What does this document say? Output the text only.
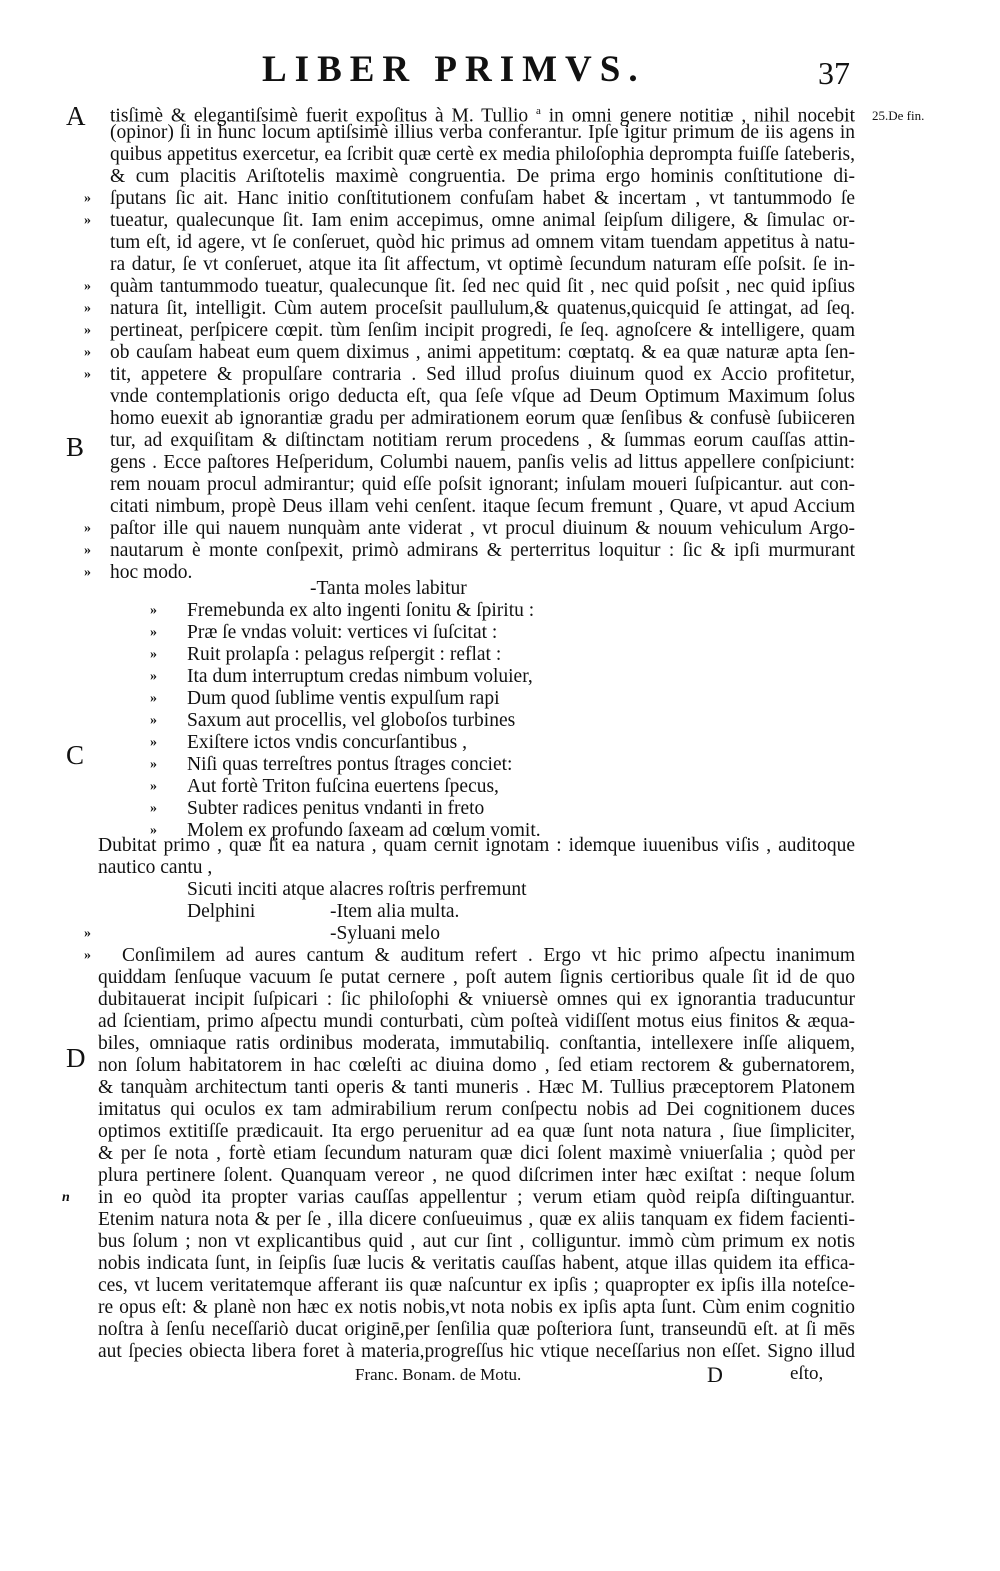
LIBER PRIMVS.	37
25.De fin.
A
B
C
D
tisſimè & elegantiſsimè fuerit expoſitus à M. Tullio $^a$ in omni genere notitiæ , nihil nocebit
(opinor) ſi in hunc locum aptiſsimè illius verba conferantur. Ipſe igitur primum de iis agens in
quibus appetitus exercetur, ea ſcribit quæ certè ex media philoſophia deprompta fuiſſe ſateberis,
& cum placitis Ariſtotelis maximè congruentia. De prima ergo hominis conſtitutione di-
ſputans ſic ait. Hanc initio conſtitutionem confuſam habet & incertam , vt tantummodo ſe
tueatur, qualecunque ſit. Iam enim accepimus, omne animal ſeipſum diligere, & ſimulac or-
tum eſt, id agere, vt ſe conſeruet, quòd hic primus ad omnem vitam tuendam appetitus à natu-
ra datur, ſe vt conſeruet, atque ita ſit affectum, vt optimè ſecundum naturam eſſe poſsit. ſe in-
quàm tantummodo tueatur, qualecunque ſit. ſed nec quid ſit , nec quid poſsit , nec quid ipſius
natura ſit, intelligit. Cùm autem proceſsit paullulum,& quatenus,quicquid ſe attingat, ad ſeq.
pertineat, perſpicere cœpit. tùm ſenſim incipit progredi, ſe ſeq. agnoſcere & intelligere, quam
ob cauſam habeat eum quem diximus , animi appetitum: cœptatq. & ea quæ naturæ apta ſen-
tit, appetere & propulſare contraria . Sed illud proſus diuinum quod ex Accio profitetur,
vnde contemplationis origo deducta eſt, qua ſeſe vſque ad Deum Optimum Maximum ſolus
homo euexit ab ignorantiæ gradu per admirationem eorum quæ ſenſibus & confusè ſubiiceren
tur, ad exquiſitam & diſtinctam notitiam rerum procedens , & ſummas eorum cauſſas attin-
gens . Ecce paſtores Heſperidum, Columbi nauem, panſis velis ad littus appellere conſpiciunt:
rem nouam procul admirantur; quid eſſe poſsit ignorant; inſulam moueri ſuſpicantur. aut con-
citati nimbum, propè Deus illam vehi cenſent. itaque ſecum fremunt , Quare, vt apud Accium
paſtor ille qui nauem nunquàm ante viderat , vt procul diuinum & nouum vehiculum Argo-
nautarum è monte conſpexit, primò admirans & perterritus loquitur : ſic & ipſi murmurant
hoc modo.
»
»
»
»
»
»
»
»
»
»
-Tanta moles labitur
Fremebunda ex alto ingenti ſonitu & ſpiritu :
Præ ſe vndas voluit: vertices vi ſuſcitat :
Ruit prolapſa : pelagus reſpergit : reflat :
Ita dum interruptum credas nimbum voluier,
Dum quod ſublime ventis expulſum rapi
Saxum aut procellis, vel globoſos turbines
Exiſtere ictos vndis concurſantibus ,
Niſi quas terreſtres pontus ſtrages conciet:
Aut fortè Triton fuſcina euertens ſpecus,
Subter radices penitus vndanti in freto
Molem ex profundo ſaxeam ad cœlum vomit.
»
»
»
»
»
»
»
»
»
»
»
Dubitat primo , quæ ſit ea natura , quam cernit ignotam : idemque iuuenibus viſis , auditoque
nautico cantu ,
Sicuti inciti atque alacres roſtris perfremunt
Delphini	-Item alia multa.
-Syluani melo
»
» Conſimilem ad aures cantum & auditum refert . Ergo vt hic primo aſpectu inanimum
quiddam ſenſuque vacuum ſe putat cernere , poſt autem ſignis certioribus quale ſit id de quo
dubitauerat incipit ſuſpicari : ſic philoſophi & vniuersè omnes qui ex ignorantia traducuntur
ad ſcientiam, primo aſpectu mundi conturbati, cùm poſteà vidiſſent motus eius finitos & æqua-
biles, omniaque ratis ordinibus moderata, immutabiliq. conſtantia, intellexere inſſe aliquem,
non ſolum habitatorem in hac cœleſti ac diuina domo , ſed etiam rectorem & gubernatorem,
& tanquàm architectum tanti operis & tanti muneris . Hæc M. Tullius præceptorem Platonem
imitatus qui oculos ex tam admirabilium rerum conſpectu nobis ad Dei cognitionem duces
optimos extitiſſe prædicauit. Ita ergo peruenitur ad ea quæ ſunt nota natura , ſiue ſimpliciter,
& per ſe nota , fortè etiam ſecundum naturam quæ dici ſolent maximè vniuerſalia ; quòd per
plura pertinere ſolent. Quanquam vereor , ne quod diſcrimen inter hæc exiſtat : neque ſolum
in eo quòd ita propter varias cauſſas appellentur ; verum etiam quòd reipſa diſtinguantur.
Etenim natura nota & per ſe , illa dicere conſueuimus , quæ ex aliis tanquam ex fidem facienti-
bus ſolum ; non vt explicantibus quid , aut cur ſint , colliguntur. immò cùm primum ex notis
nobis indicata ſunt, in ſeipſis ſuæ lucis & veritatis cauſſas habent, atque illas quidem ita effica-
ces, vt lucem veritatemque afferant iis quæ naſcuntur ex ipſis ; quapropter ex ipſis illa noteſce-
re opus eſt: & planè non hæc ex notis nobis,vt nota nobis ex ipſis apta ſunt. Cùm enim cognitio
noſtra à ſenſu neceſſariò ducat originē,per ſenſilia quæ poſteriora ſunt, transeundū eſt. at ſi mēs
aut ſpecies obiecta libera foret à materia,progreſſus hic vtique neceſſarius non eſſet. Signo illud
n
Franc. Bonam. de Motu.	D	eſto,
